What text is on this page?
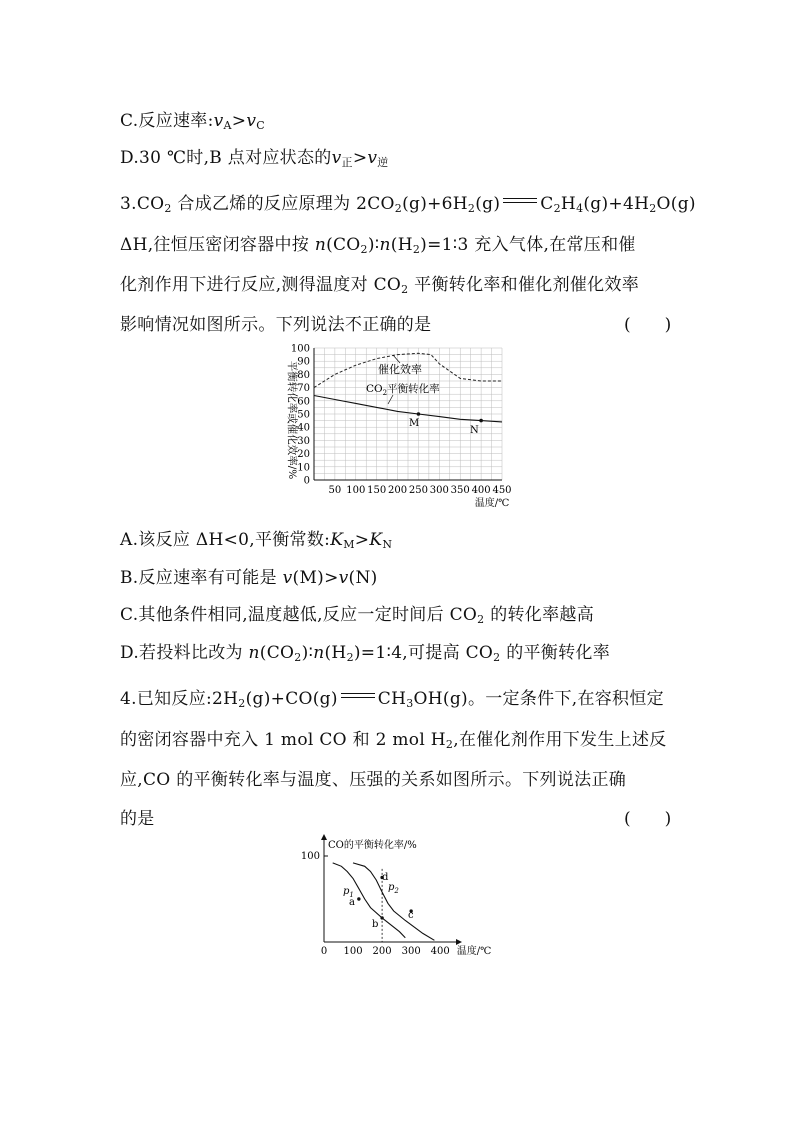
C.反应速率$:v_A>v_C$
D.30 ℃时,B 点对应状态的$v_正>v_逆$
$3.CO_2$ 合成乙烯的反应原理为 $2CO_2(g)+6H_2(g)$ $C_2H_4(g)+4H_2O(g)$
ΔH,往恒压密闭容器中按 $n(CO_2)∶n(H_2)=1∶3$ 充入气体,在常压和催
化剂作用下进行反应,测得温度对 $CO_2$ 平衡转化率和催化剂催化效率
影响情况如图所示。下列说法不正确的是	(　　)
平衡转化率或催化效率/%
温度/℃
50 100 150 200 250 300 350 400 450
0
10
20
30
40
50
60
70
80
90
100
催化效率
$CO_2$平衡转化率
M
N
A.该反应 ΔH<0,平衡常数$:K_M>K_N$
B.反应速率有可能是 v(M)>v(N)
C.其他条件相同,温度越低,反应一定时间后 $CO_2$ 的转化率越高
D.若投料比改为 $n(CO_2)∶n(H_2)=1∶4$,可提高 $CO_2$ 的平衡转化率
4.已知反应$:2H_2(g)+CO(g)$ $CH_3OH(g)$。一定条件下,在容积恒定
的密闭容器中充入 1 mol CO 和 2 mol $H_2$,在催化剂作用下发生上述反
应,CO 的平衡转化率与温度、压强的关系如图所示。下列说法正确
的是	(　　)
CO的平衡转化率/%
100
温度/℃
0 100 200 300 400
$p_1$
$p_2$
a
b
c
d
